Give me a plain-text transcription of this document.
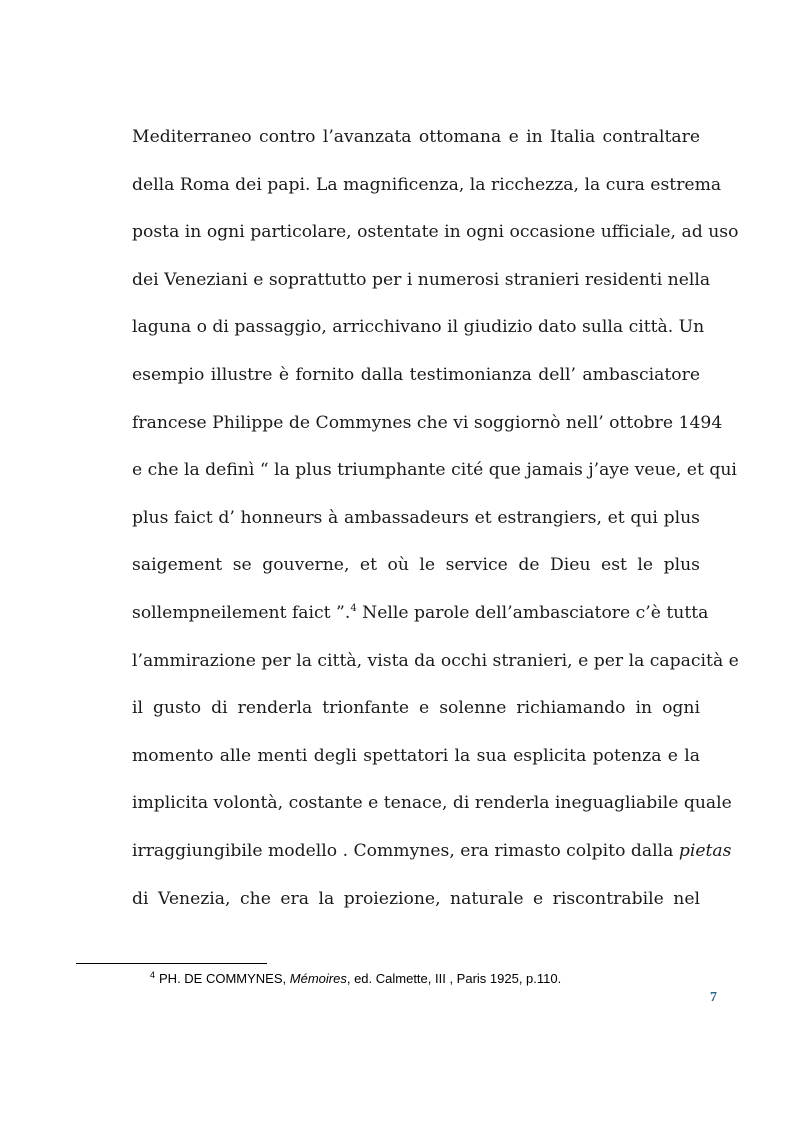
Mediterraneo contro l’avanzata ottomana e in Italia contraltare
della Roma dei papi. La magnificenza, la ricchezza, la cura estrema
posta in ogni particolare, ostentate in ogni occasione ufficiale, ad uso
dei Veneziani e soprattutto per i numerosi stranieri residenti nella
laguna o di passaggio, arricchivano il giudizio dato sulla città. Un
esempio illustre è fornito dalla testimonianza dell’ ambasciatore
francese Philippe de Commynes che vi soggiornò nell’ ottobre 1494
e che la definì “ la plus triumphante cité que jamais j’aye veue, et qui
plus faict d’ honneurs à ambassadeurs et estrangiers, et qui plus
saigement se gouverne, et où le service de Dieu est le plus
sollempneilement faict ”.$^4$ Nelle parole dell’ambasciatore c’è tutta
l’ammirazione per la città, vista da occhi stranieri, e per la capacità e
il gusto di renderla trionfante e solenne richiamando in ogni
momento alle menti degli spettatori la sua esplicita potenza e la
implicita volontà, costante e tenace, di renderla ineguagliabile quale
irraggiungibile modello . Commynes, era rimasto colpito dalla pietas
di Venezia, che era la proiezione, naturale e riscontrabile nel
$^4$ PH. DE COMMYNES, Mémoires, ed. Calmette, III , Paris 1925, p.110.
7
